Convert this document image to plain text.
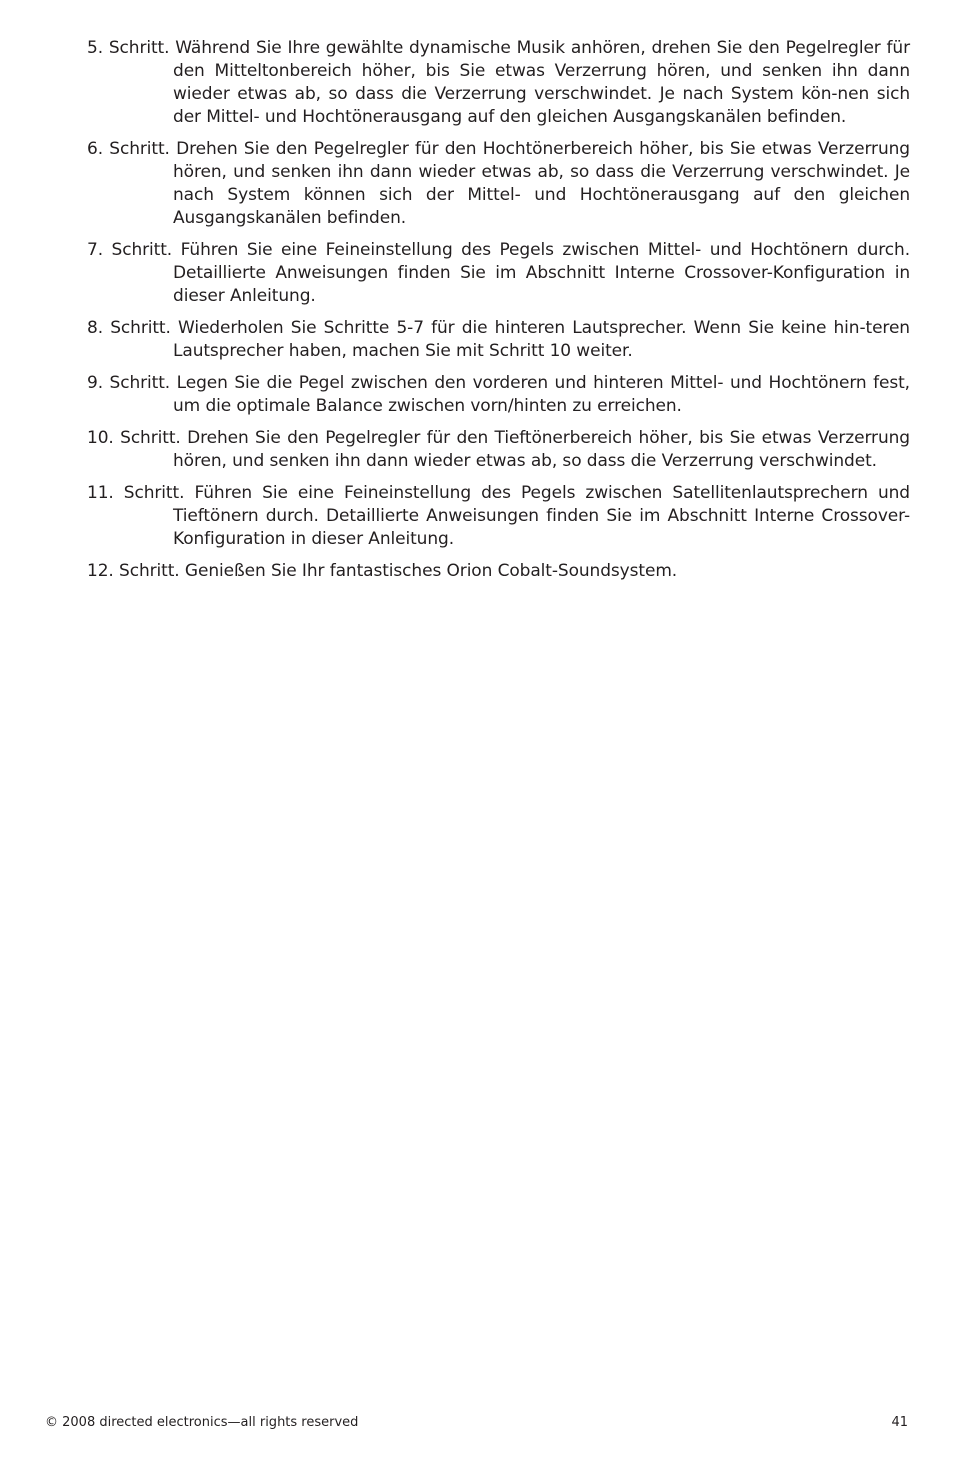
5. Schritt. Während Sie Ihre gewählte dynamische Musik anhören, drehen Sie den Pegelregler für den Mitteltonbereich höher, bis Sie etwas Verzerrung hören, und senken ihn dann wieder etwas ab, so dass die Verzerrung verschwindet. Je nach System kön-nen sich der Mittel- und Hochtönerausgang auf den gleichen Ausgangskanälen befinden.

6. Schritt. Drehen Sie den Pegelregler für den Hochtönerbereich höher, bis Sie etwas Verzerrung hören, und senken ihn dann wieder etwas ab, so dass die Verzerrung verschwindet. Je nach System können sich der Mittel- und Hochtönerausgang auf den gleichen Ausgangskanälen befinden.

7. Schritt. Führen Sie eine Feineinstellung des Pegels zwischen Mittel- und Hochtönern durch. Detaillierte Anweisungen finden Sie im Abschnitt Interne Crossover-Konfiguration in dieser Anleitung.

8. Schritt. Wiederholen Sie Schritte 5-7 für die hinteren Lautsprecher. Wenn Sie keine hin-teren Lautsprecher haben, machen Sie mit Schritt 10 weiter.

9. Schritt. Legen Sie die Pegel zwischen den vorderen und hinteren Mittel- und Hochtönern fest, um die optimale Balance zwischen vorn/hinten zu erreichen.

10. Schritt. Drehen Sie den Pegelregler für den Tieftönerbereich höher, bis Sie etwas Verzerrung hören, und senken ihn dann wieder etwas ab, so dass die Verzerrung verschwindet.

11. Schritt. Führen Sie eine Feineinstellung des Pegels zwischen Satellitenlautsprechern und Tieftönern durch. Detaillierte Anweisungen finden Sie im Abschnitt Interne Crossover-Konfiguration in dieser Anleitung.

12. Schritt. Genießen Sie Ihr fantastisches Orion Cobalt-Soundsystem.

© 2008 directed electronics—all rights reserved	41
